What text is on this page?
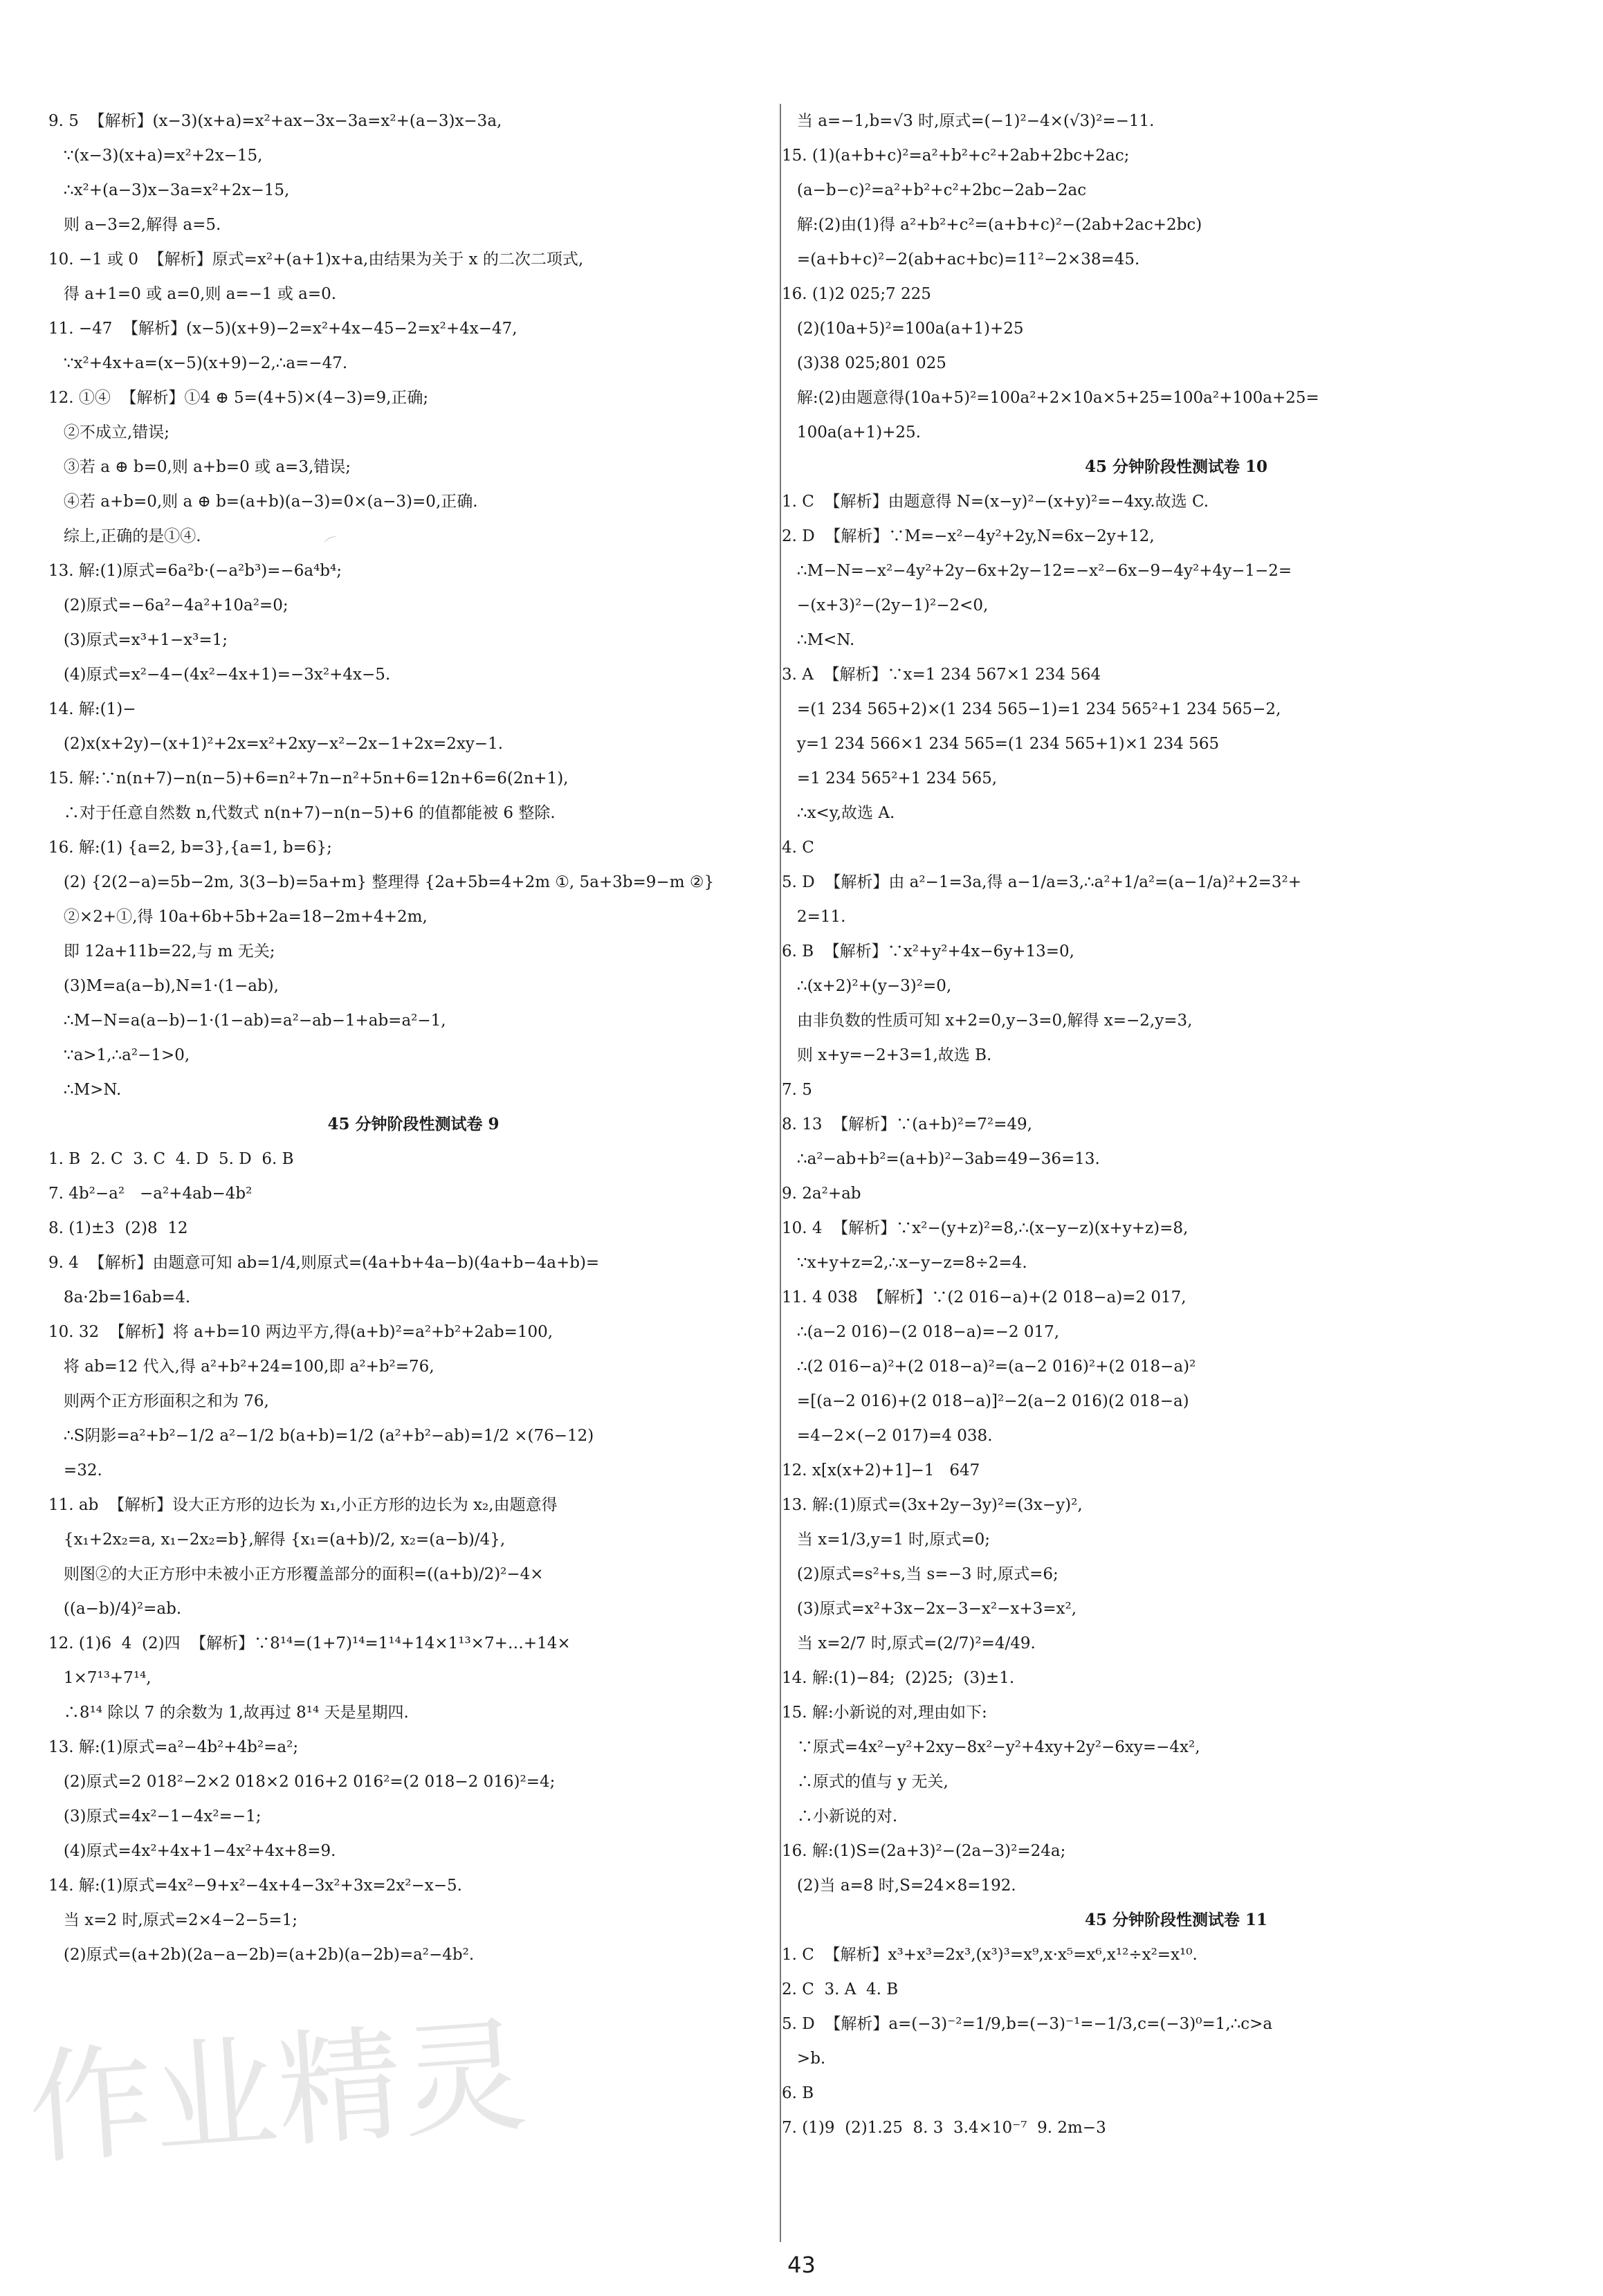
9. 5  【解析】(x−3)(x+a)=x²+ax−3x−3a=x²+(a−3)x−3a,
∵(x−3)(x+a)=x²+2x−15,
∴x²+(a−3)x−3a=x²+2x−15,
则 a−3=2,解得 a=5.
10. −1 或 0  【解析】原式=x²+(a+1)x+a,由结果为关于 x 的二次二项式,
得 a+1=0 或 a=0,则 a=−1 或 a=0.
11. −47  【解析】(x−5)(x+9)−2=x²+4x−45−2=x²+4x−47,
∵x²+4x+a=(x−5)(x+9)−2,∴a=−47.
12. ①④  【解析】①4 ⊕ 5=(4+5)×(4−3)=9,正确;
②不成立,错误;
③若 a ⊕ b=0,则 a+b=0 或 a=3,错误;
④若 a+b=0,则 a ⊕ b=(a+b)(a−3)=0×(a−3)=0,正确.
综上,正确的是①④.
13. 解:(1)原式=6a²b·(−a²b³)=−6a⁴b⁴;
(2)原式=−6a²−4a²+10a²=0;
(3)原式=x³+1−x³=1;
(4)原式=x²−4−(4x²−4x+1)=−3x²+4x−5.
14. 解:(1)−
(2)x(x+2y)−(x+1)²+2x=x²+2xy−x²−2x−1+2x=2xy−1.
15. 解:∵n(n+7)−n(n−5)+6=n²+7n−n²+5n+6=12n+6=6(2n+1),
∴对于任意自然数 n,代数式 n(n+7)−n(n−5)+6 的值都能被 6 整除.
16. 解:(1) {a=2, b=3},{a=1, b=6};
(2) {2(2−a)=5b−2m, 3(3−b)=5a+m} 整理得 {2a+5b=4+2m ①, 5a+3b=9−m ②}
②×2+①,得 10a+6b+5b+2a=18−2m+4+2m,
即 12a+11b=22,与 m 无关;
(3)M=a(a−b),N=1·(1−ab),
∴M−N=a(a−b)−1·(1−ab)=a²−ab−1+ab=a²−1,
∵a>1,∴a²−1>0,
∴M>N.
45 分钟阶段性测试卷 9
1. B  2. C  3. C  4. D  5. D  6. B
7. 4b²−a²   −a²+4ab−4b²
8. (1)±3  (2)8  12
9. 4  【解析】由题意可知 ab=1/4,则原式=(4a+b+4a−b)(4a+b−4a+b)=
8a·2b=16ab=4.
10. 32  【解析】将 a+b=10 两边平方,得(a+b)²=a²+b²+2ab=100,
将 ab=12 代入,得 a²+b²+24=100,即 a²+b²=76,
则两个正方形面积之和为 76,
∴S阴影=a²+b²−1/2 a²−1/2 b(a+b)=1/2 (a²+b²−ab)=1/2 ×(76−12)
=32.
11. ab  【解析】设大正方形的边长为 x₁,小正方形的边长为 x₂,由题意得
{x₁+2x₂=a, x₁−2x₂=b},解得 {x₁=(a+b)/2, x₂=(a−b)/4},
则图②的大正方形中未被小正方形覆盖部分的面积=((a+b)/2)²−4×
((a−b)/4)²=ab.
12. (1)6  4  (2)四  【解析】∵8¹⁴=(1+7)¹⁴=1¹⁴+14×1¹³×7+…+14×
1×7¹³+7¹⁴,
∴8¹⁴ 除以 7 的余数为 1,故再过 8¹⁴ 天是星期四.
13. 解:(1)原式=a²−4b²+4b²=a²;
(2)原式=2 018²−2×2 018×2 016+2 016²=(2 018−2 016)²=4;
(3)原式=4x²−1−4x²=−1;
(4)原式=4x²+4x+1−4x²+4x+8=9.
14. 解:(1)原式=4x²−9+x²−4x+4−3x²+3x=2x²−x−5.
当 x=2 时,原式=2×4−2−5=1;
(2)原式=(a+2b)(2a−a−2b)=(a+2b)(a−2b)=a²−4b².
当 a=−1,b=√3 时,原式=(−1)²−4×(√3)²=−11.
15. (1)(a+b+c)²=a²+b²+c²+2ab+2bc+2ac;
(a−b−c)²=a²+b²+c²+2bc−2ab−2ac
解:(2)由(1)得 a²+b²+c²=(a+b+c)²−(2ab+2ac+2bc)
=(a+b+c)²−2(ab+ac+bc)=11²−2×38=45.
16. (1)2 025;7 225
(2)(10a+5)²=100a(a+1)+25
(3)38 025;801 025
解:(2)由题意得(10a+5)²=100a²+2×10a×5+25=100a²+100a+25=
100a(a+1)+25.
45 分钟阶段性测试卷 10
1. C  【解析】由题意得 N=(x−y)²−(x+y)²=−4xy.故选 C.
2. D  【解析】∵M=−x²−4y²+2y,N=6x−2y+12,
∴M−N=−x²−4y²+2y−6x+2y−12=−x²−6x−9−4y²+4y−1−2=
−(x+3)²−(2y−1)²−2<0,
∴M<N.
3. A  【解析】∵x=1 234 567×1 234 564
=(1 234 565+2)×(1 234 565−1)=1 234 565²+1 234 565−2,
y=1 234 566×1 234 565=(1 234 565+1)×1 234 565
=1 234 565²+1 234 565,
∴x<y,故选 A.
4. C
5. D  【解析】由 a²−1=3a,得 a−1/a=3,∴a²+1/a²=(a−1/a)²+2=3²+
2=11.
6. B  【解析】∵x²+y²+4x−6y+13=0,
∴(x+2)²+(y−3)²=0,
由非负数的性质可知 x+2=0,y−3=0,解得 x=−2,y=3,
则 x+y=−2+3=1,故选 B.
7. 5
8. 13  【解析】∵(a+b)²=7²=49,
∴a²−ab+b²=(a+b)²−3ab=49−36=13.
9. 2a²+ab
10. 4  【解析】∵x²−(y+z)²=8,∴(x−y−z)(x+y+z)=8,
∵x+y+z=2,∴x−y−z=8÷2=4.
11. 4 038  【解析】∵(2 016−a)+(2 018−a)=2 017,
∴(a−2 016)−(2 018−a)=−2 017,
∴(2 016−a)²+(2 018−a)²=(a−2 016)²+(2 018−a)²
=[(a−2 016)+(2 018−a)]²−2(a−2 016)(2 018−a)
=4−2×(−2 017)=4 038.
12. x[x(x+2)+1]−1   647
13. 解:(1)原式=(3x+2y−3y)²=(3x−y)²,
当 x=1/3,y=1 时,原式=0;
(2)原式=s²+s,当 s=−3 时,原式=6;
(3)原式=x²+3x−2x−3−x²−x+3=x²,
当 x=2/7 时,原式=(2/7)²=4/49.
14. 解:(1)−84;  (2)25;  (3)±1.
15. 解:小新说的对,理由如下:
∵原式=4x²−y²+2xy−8x²−y²+4xy+2y²−6xy=−4x²,
∴原式的值与 y 无关,
∴小新说的对.
16. 解:(1)S=(2a+3)²−(2a−3)²=24a;
(2)当 a=8 时,S=24×8=192.
45 分钟阶段性测试卷 11
1. C  【解析】x³+x³=2x³,(x³)³=x⁹,x·x⁵=x⁶,x¹²÷x²=x¹⁰.
2. C  3. A  4. B
5. D  【解析】a=(−3)⁻²=1/9,b=(−3)⁻¹=−1/3,c=(−3)⁰=1,∴c>a
>b.
6. B
7. (1)9  (2)1.25  8. 3  3.4×10⁻⁷  9. 2m−3
⌒
作业精灵
43
